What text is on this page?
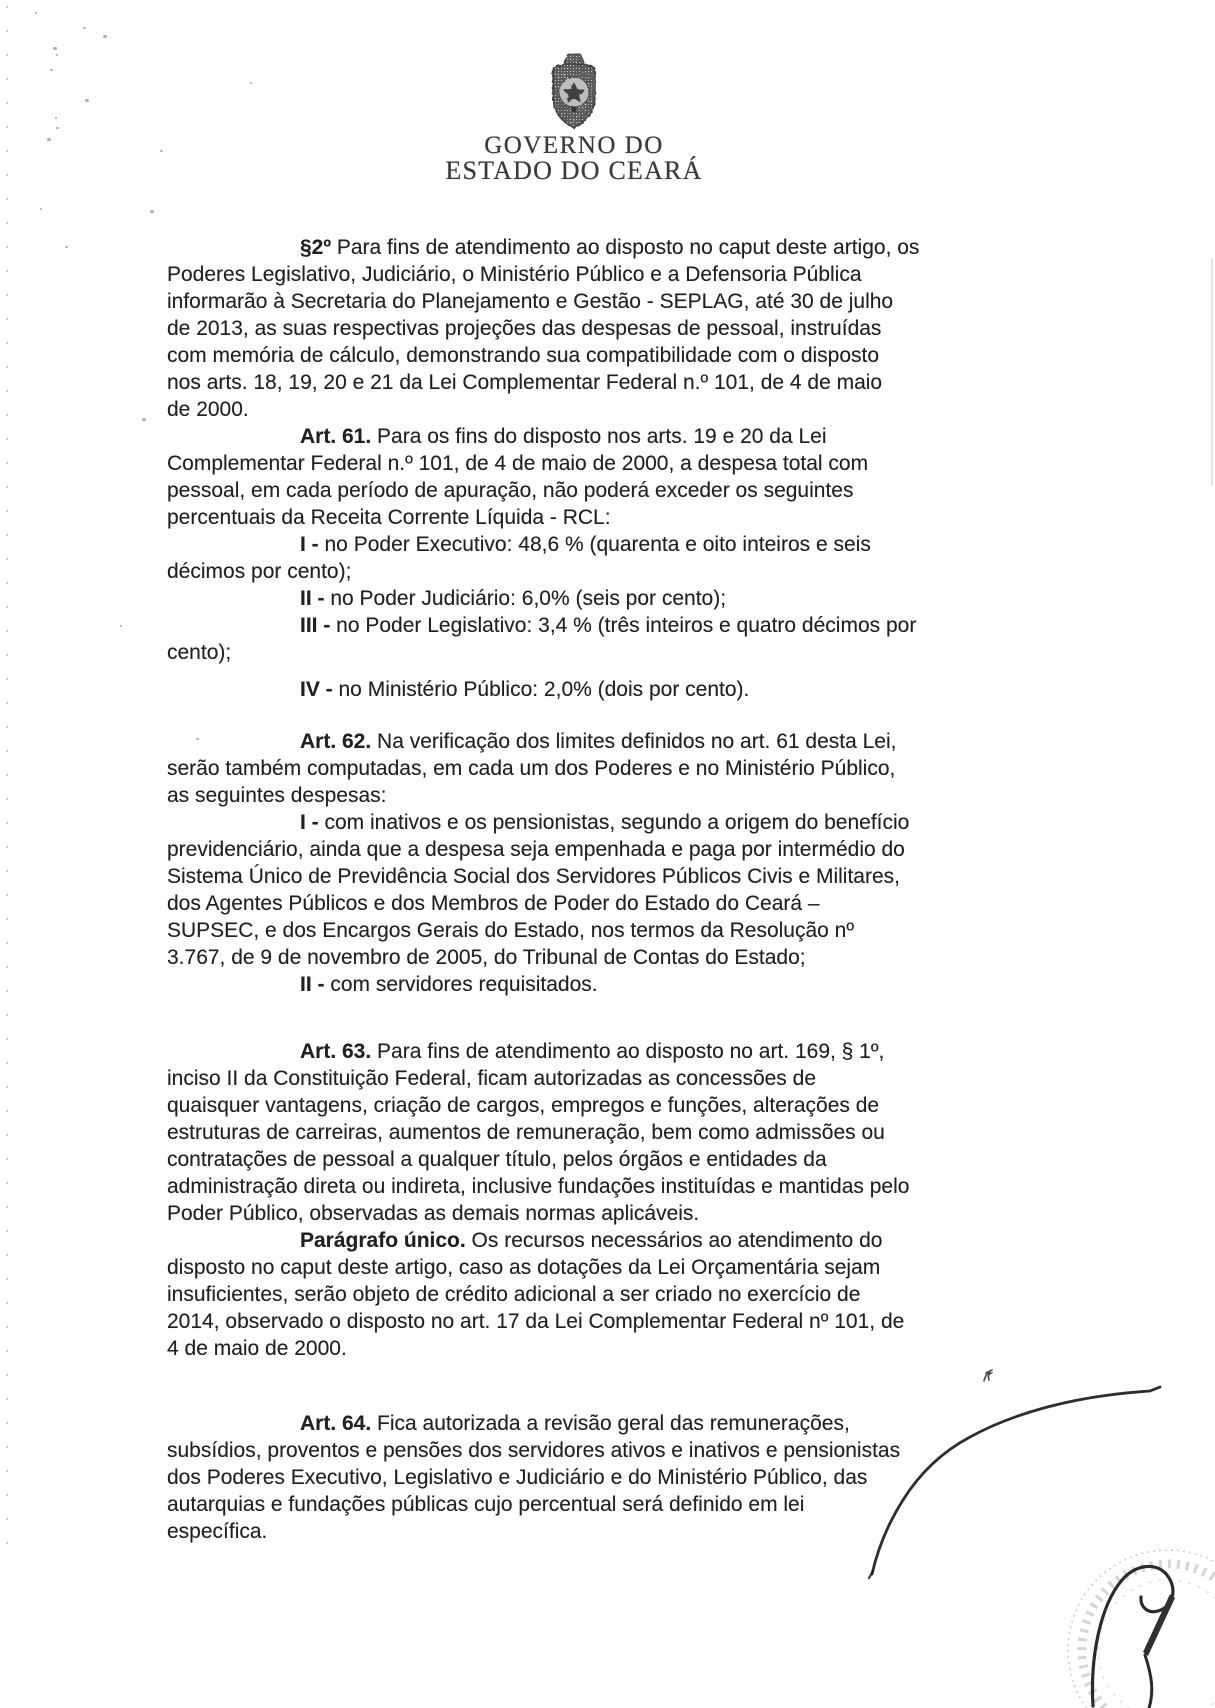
GOVERNO DO
ESTADO DO CEARÁ
§2º Para fins de atendimento ao disposto no caput deste artigo, os
Poderes Legislativo, Judiciário, o Ministério Público e a Defensoria Pública
informarão à Secretaria do Planejamento e Gestão - SEPLAG, até 30 de julho
de 2013, as suas respectivas projeções das despesas de pessoal, instruídas
com memória de cálculo, demonstrando sua compatibilidade com o disposto
nos arts. 18, 19, 20 e 21 da Lei Complementar Federal n.º 101, de 4 de maio
de 2000.
Art. 61. Para os fins do disposto nos arts. 19 e 20 da Lei
Complementar Federal n.º 101, de 4 de maio de 2000, a despesa total com
pessoal, em cada período de apuração, não poderá exceder os seguintes
percentuais da Receita Corrente Líquida - RCL:
I - no Poder Executivo: 48,6 % (quarenta e oito inteiros e seis
décimos por cento);
II - no Poder Judiciário: 6,0% (seis por cento);
III - no Poder Legislativo: 3,4 % (três inteiros e quatro décimos por
cento);
IV - no Ministério Público: 2,0% (dois por cento).
Art. 62. Na verificação dos limites definidos no art. 61 desta Lei,
serão também computadas, em cada um dos Poderes e no Ministério Público,
as seguintes despesas:
I - com inativos e os pensionistas, segundo a origem do benefício
previdenciário, ainda que a despesa seja empenhada e paga por intermédio do
Sistema Único de Previdência Social dos Servidores Públicos Civis e Militares,
dos Agentes Públicos e dos Membros de Poder do Estado do Ceará –
SUPSEC, e dos Encargos Gerais do Estado, nos termos da Resolução nº
3.767, de 9 de novembro de 2005, do Tribunal de Contas do Estado;
II - com servidores requisitados.
Art. 63. Para fins de atendimento ao disposto no art. 169, § 1º,
inciso II da Constituição Federal, ficam autorizadas as concessões de
quaisquer vantagens, criação de cargos, empregos e funções, alterações de
estruturas de carreiras, aumentos de remuneração, bem como admissões ou
contratações de pessoal a qualquer título, pelos órgãos e entidades da
administração direta ou indireta, inclusive fundações instituídas e mantidas pelo
Poder Público, observadas as demais normas aplicáveis.
Parágrafo único. Os recursos necessários ao atendimento do
disposto no caput deste artigo, caso as dotações da Lei Orçamentária sejam
insuficientes, serão objeto de crédito adicional a ser criado no exercício de
2014, observado o disposto no art. 17 da Lei Complementar Federal nº 101, de
4 de maio de 2000.
Art. 64. Fica autorizada a revisão geral das remunerações,
subsídios, proventos e pensões dos servidores ativos e inativos e pensionistas
dos Poderes Executivo, Legislativo e Judiciário e do Ministério Público, das
autarquias e fundações públicas cujo percentual será definido em lei
específica.
